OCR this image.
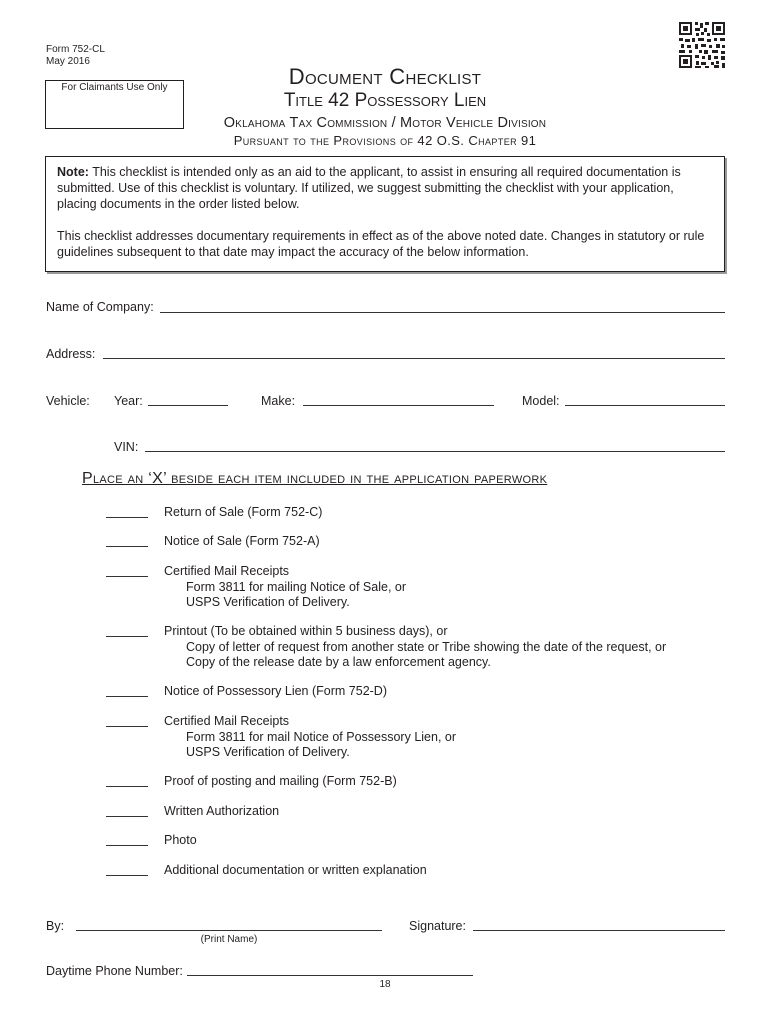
Form 752-CL
May 2016
For Claimants Use Only	Document Checklist
Title 42 Possessory Lien
Oklahoma Tax Commission / Motor Vehicle Division
Pursuant to the Provisions of 42 O.S. Chapter 91
Note: This checklist is intended only as an aid to the applicant, to assist in ensuring all required documentation is submitted. Use of this checklist is voluntary. If utilized, we suggest submitting the checklist with your application, placing documents in the order listed below.
This checklist addresses documentary requirements in effect as of the above noted date. Changes in statutory or rule guidelines subsequent to that date may impact the accuracy of the below information.
Name of Company:
Address:
Vehicle: Year:	Make:	Model:
VIN:
Place an ‘X’ beside each item included in the application paperwork
Return of Sale (Form 752-C)
Notice of Sale (Form 752-A)
Certified Mail Receipts
Form 3811 for mailing Notice of Sale, or
USPS Verification of Delivery.
Printout (To be obtained within 5 business days), or
Copy of letter of request from another state or Tribe showing the date of the request, or
Copy of the release date by a law enforcement agency.
Notice of Possessory Lien (Form 752-D)
Certified Mail Receipts
Form 3811 for mail Notice of Possessory Lien, or
USPS Verification of Delivery.
Proof of posting and mailing (Form 752-B)
Written Authorization
Photo
Additional documentation or written explanation
By:
(Print Name)
Signature:
Daytime Phone Number:
18
